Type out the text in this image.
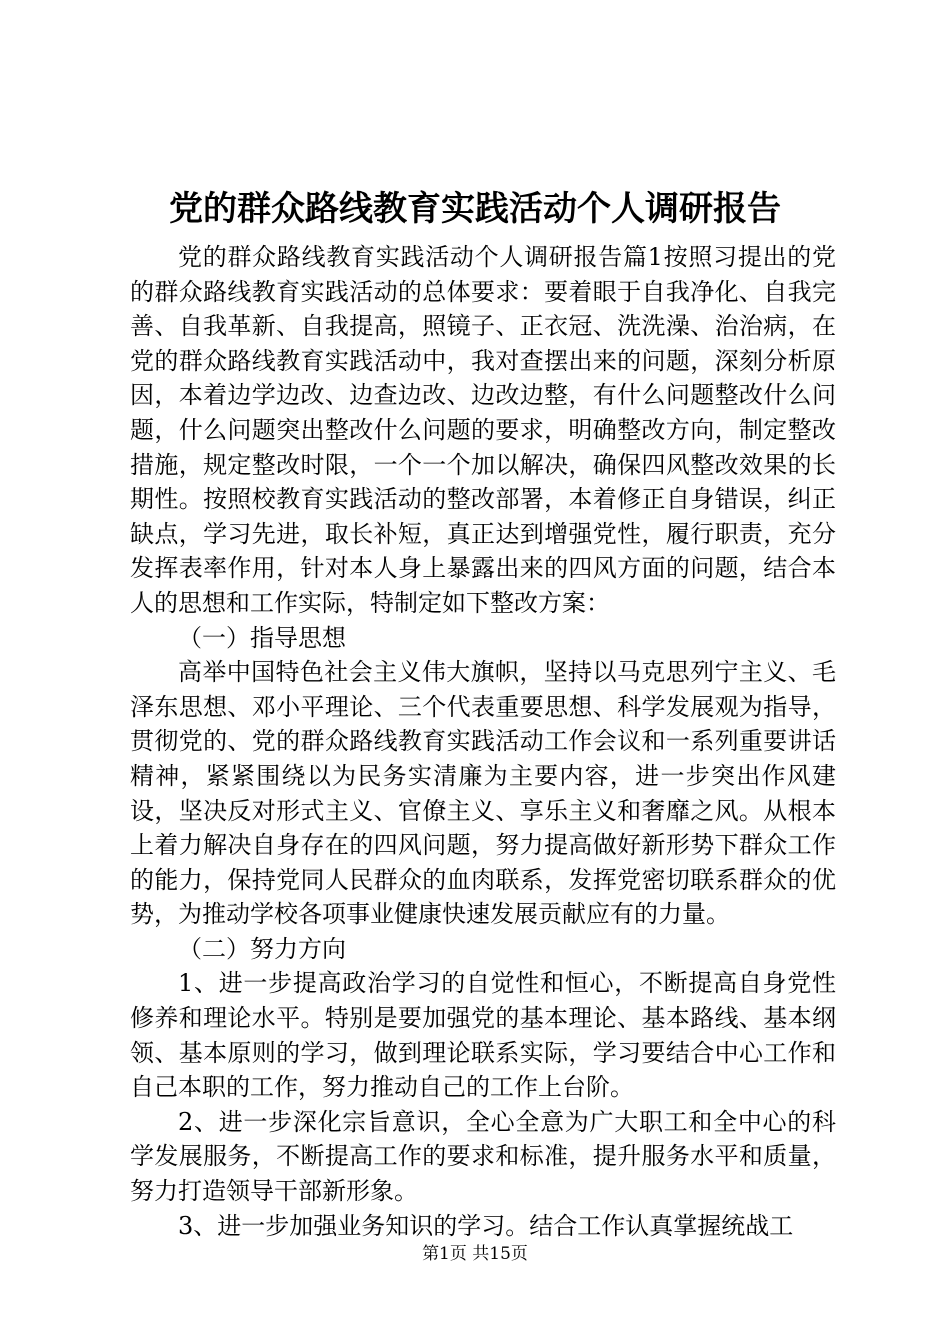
党的群众路线教育实践活动个人调研报告

党的群众路线教育实践活动个人调研报告篇1按照习提出的党的群众路线教育实践活动的总体要求：要着眼于自我净化、自我完善、自我革新、自我提高，照镜子、正衣冠、洗洗澡、治治病，在党的群众路线教育实践活动中，我对查摆出来的问题，深刻分析原因，本着边学边改、边查边改、边改边整，有什么问题整改什么问题，什么问题突出整改什么问题的要求，明确整改方向，制定整改措施，规定整改时限，一个一个加以解决，确保四风整改效果的长期性。按照校教育实践活动的整改部署，本着修正自身错误，纠正缺点，学习先进，取长补短，真正达到增强党性，履行职责，充分发挥表率作用，针对本人身上暴露出来的四风方面的问题，结合本人的思想和工作实际，特制定如下整改方案：

（一）指导思想

高举中国特色社会主义伟大旗帜，坚持以马克思列宁主义、毛泽东思想、邓小平理论、三个代表重要思想、科学发展观为指导，贯彻党的、党的群众路线教育实践活动工作会议和一系列重要讲话精神，紧紧围绕以为民务实清廉为主要内容，进一步突出作风建设，坚决反对形式主义、官僚主义、享乐主义和奢靡之风。从根本上着力解决自身存在的四风问题，努力提高做好新形势下群众工作的能力，保持党同人民群众的血肉联系，发挥党密切联系群众的优势，为推动学校各项事业健康快速发展贡献应有的力量。

（二）努力方向

1、进一步提高政治学习的自觉性和恒心，不断提高自身党性修养和理论水平。特别是要加强党的基本理论、基本路线、基本纲领、基本原则的学习，做到理论联系实际，学习要结合中心工作和自己本职的工作，努力推动自己的工作上台阶。

2、进一步深化宗旨意识，全心全意为广大职工和全中心的科学发展服务，不断提高工作的要求和标准，提升服务水平和质量，努力打造领导干部新形象。

3、进一步加强业务知识的学习。结合工作认真掌握统战工

第1页 共15页
